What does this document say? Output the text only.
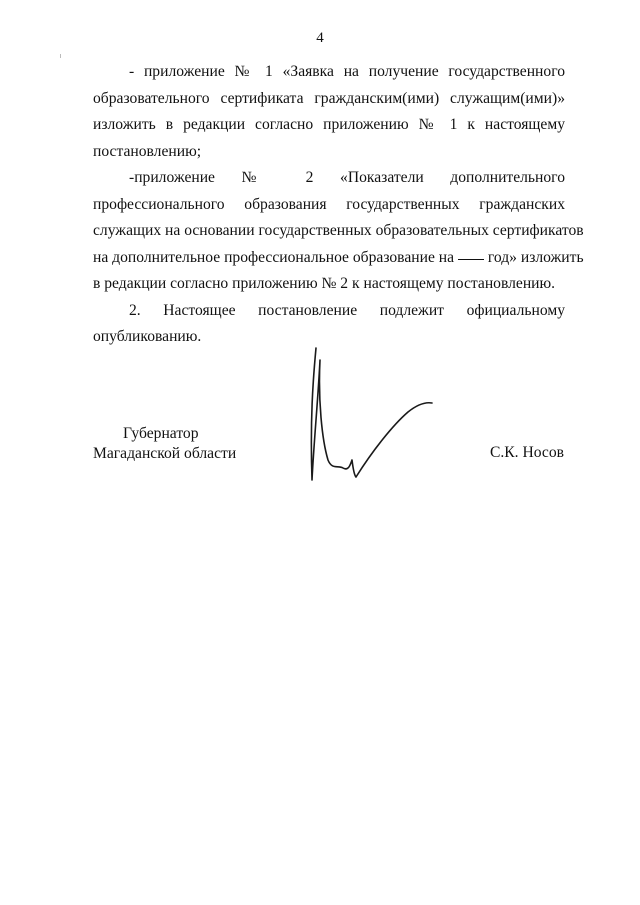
4
- приложение № 1 «Заявка на получение государственного
образовательного сертификата гражданским(ими) служащим(ими)»
изложить в редакции согласно приложению № 1 к настоящему
постановлению;
-приложение № 2 «Показатели дополнительного
профессионального образования государственных гражданских
служащих на основании государственных образовательных сертификатов
на дополнительное профессиональное образование на год» изложить
в редакции согласно приложению № 2 к настоящему постановлению.
2. Настоящее постановление подлежит официальному
опубликованию.
Губернатор
Магаданской области	С.К. Носов
